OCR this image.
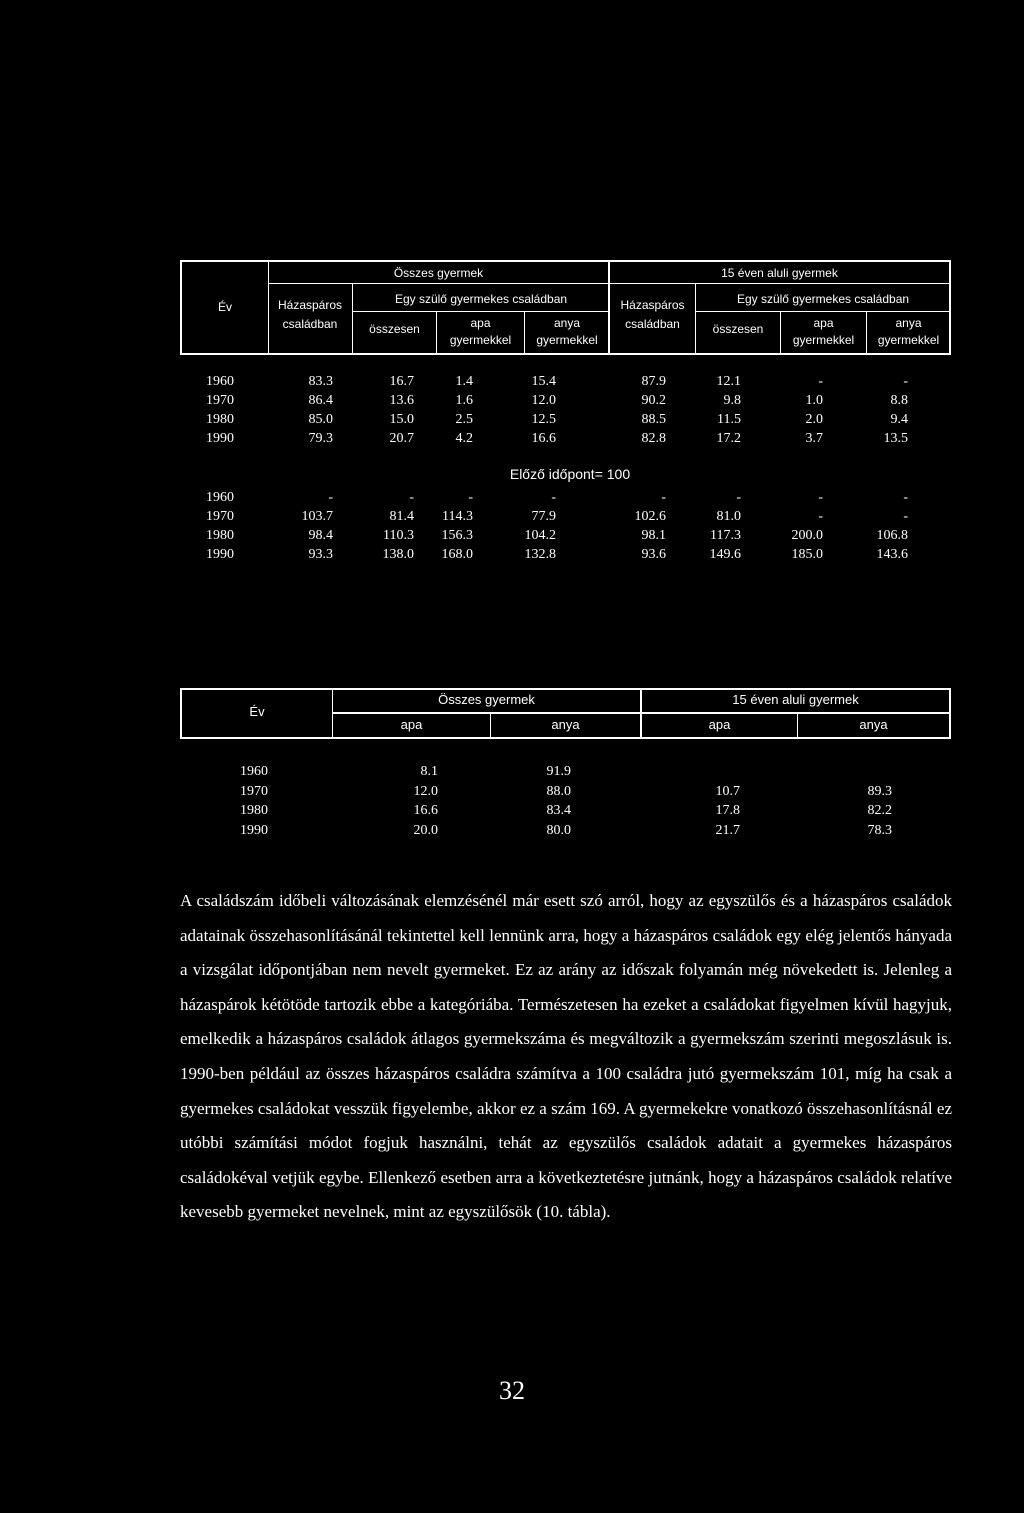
Év
Összes gyermek	15 éven aluli gyermek
Házaspáros
családban
Egy szülő gyermekes családban
összesen	apa
gyermekkel
anya
gyermekkel
Házaspáros
családban
Egy szülő gyermekes családban
összesen	apa
gyermekkel
anya
gyermekkel
1960	83.3	16.7	1.4	15.4	87.9	12.1	-	-
1970	86.4	13.6	1.6	12.0	90.2	9.8	1.0	8.8
1980	85.0	15.0	2.5	12.5	88.5	11.5	2.0	9.4
1990	79.3	20.7	4.2	16.6	82.8	17.2	3.7	13.5
Előző időpont= 100
1960	-	-	-	-	-	-	-	-
1970	103.7	81.4	114.3	77.9	102.6	81.0	-	-
1980	98.4	110.3	156.3	104.2	98.1	117.3	200.0	106.8
1990	93.3	138.0	168.0	132.8	93.6	149.6	185.0	143.6
Év
Összes gyermek	15 éven aluli gyermek
apa	anya	apa	anya
1960	8.1	91.9
1970	12.0	88.0	10.7	89.3
1980	16.6	83.4	17.8	82.2
1990	20.0	80.0	21.7	78.3

A családszám időbeli változásának elemzésénél már esett szó arról, hogy az egyszülős és a házaspáros családok adatainak összehasonlításánál tekintettel kell lennünk arra, hogy a házaspáros családok egy elég jelentős hányada a vizsgálat időpontjában nem nevelt gyermeket. Ez az arány az időszak folyamán még növekedett is. Jelenleg a házaspárok kétötöde tartozik ebbe a kategóriába. Természetesen ha ezeket a családokat figyelmen kívül hagyjuk, emelkedik a házaspáros családok átlagos gyermekszáma és megváltozik a gyermekszám szerinti megoszlásuk is. 1990-ben például az összes házaspáros családra számítva a 100 családra jutó gyermekszám 101, míg ha csak a gyermekes családokat vesszük figyelembe, akkor ez a szám 169. A gyermekekre vonatkozó összehasonlításnál ez utóbbi számítási módot fogjuk használni, tehát az egyszülős családok adatait a gyermekes házaspáros családokéval vetjük egybe. Ellenkező esetben arra a következtetésre jutnánk, hogy a házaspáros családok relatíve kevesebb gyermeket nevelnek, mint az egyszülősök (10. tábla).

32
